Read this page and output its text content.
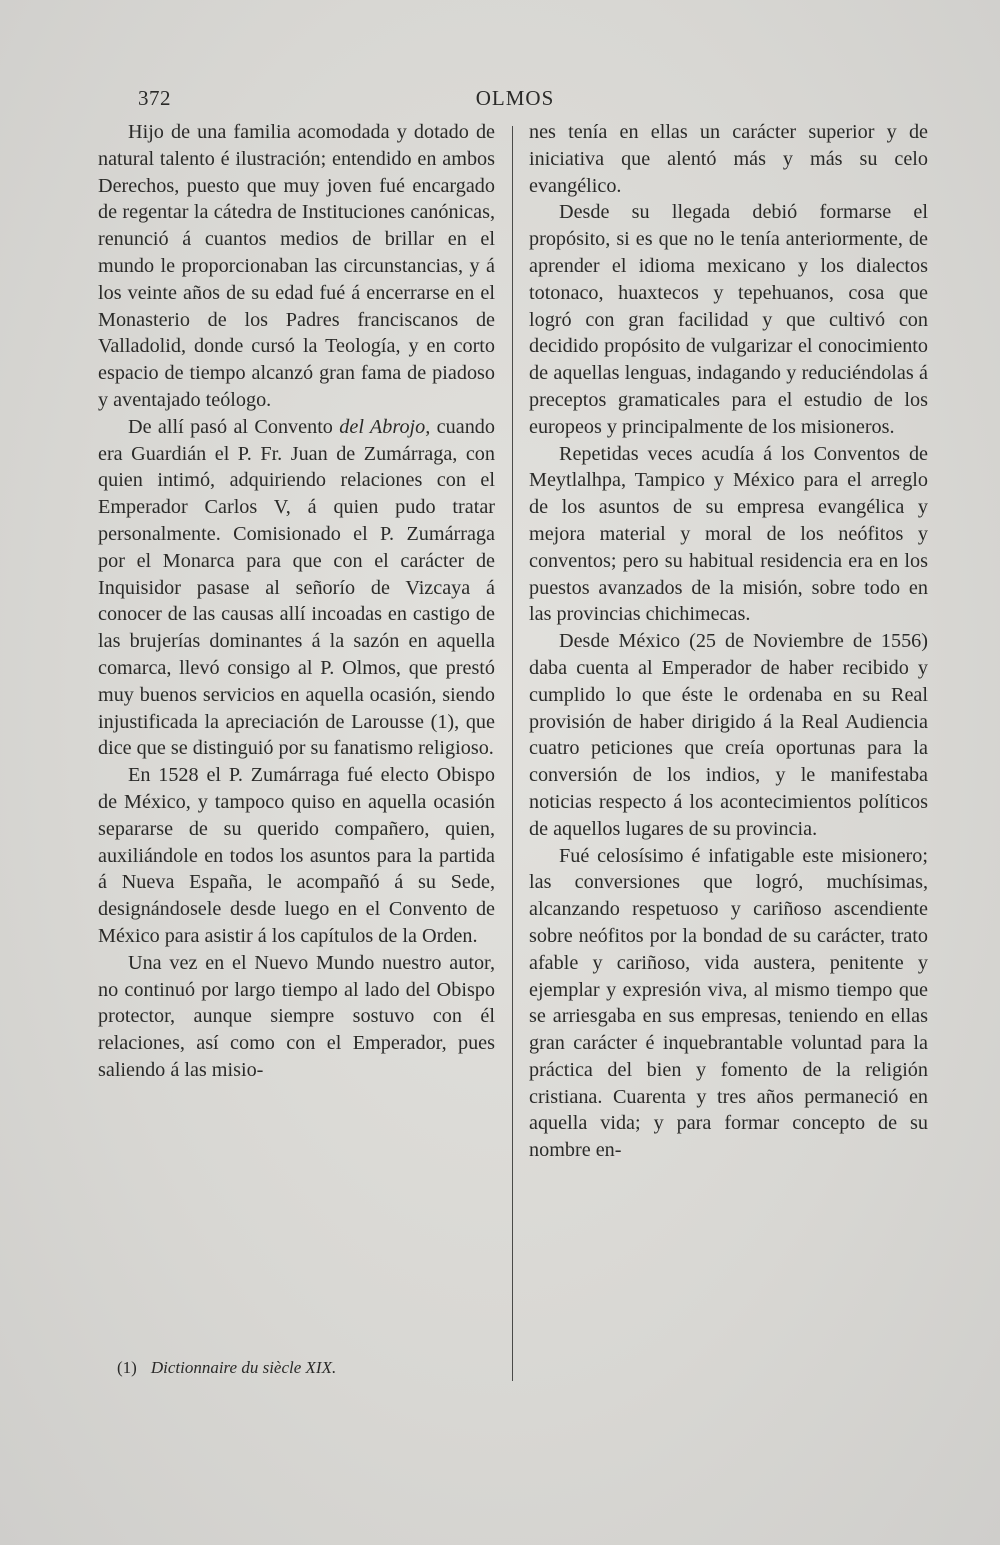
372	OLMOS

Hijo de una familia acomodada y dotado de natural talento é ilustración; entendido en ambos Derechos, puesto que muy joven fué encargado de regentar la cátedra de Instituciones canónicas, renunció á cuantos medios de brillar en el mundo le proporcionaban las circunstancias, y á los veinte años de su edad fué á encerrarse en el Monasterio de los Padres franciscanos de Valladolid, donde cursó la Teología, y en corto espacio de tiempo alcanzó gran fama de piadoso y aventajado teólogo.

De allí pasó al Convento del Abrojo, cuando era Guardián el P. Fr. Juan de Zumárraga, con quien intimó, adquiriendo relaciones con el Emperador Carlos V, á quien pudo tratar personalmente. Comisionado el P. Zumárraga por el Monarca para que con el carácter de Inquisidor pasase al señorío de Vizcaya á conocer de las causas allí incoadas en castigo de las brujerías dominantes á la sazón en aquella comarca, llevó consigo al P. Olmos, que prestó muy buenos servicios en aquella ocasión, siendo injustificada la apreciación de Larousse (1), que dice que se distinguió por su fanatismo religioso.

En 1528 el P. Zumárraga fué electo Obispo de México, y tampoco quiso en aquella ocasión separarse de su querido compañero, quien, auxiliándole en todos los asuntos para la partida á Nueva España, le acompañó á su Sede, designándosele desde luego en el Convento de México para asistir á los capítulos de la Orden.

Una vez en el Nuevo Mundo nuestro autor, no continuó por largo tiempo al lado del Obispo protector, aunque siempre sostuvo con él relaciones, así como con el Emperador, pues saliendo á las misio-

nes tenía en ellas un carácter superior y de iniciativa que alentó más y más su celo evangélico.

Desde su llegada debió formarse el propósito, si es que no le tenía anteriormente, de aprender el idioma mexicano y los dialectos totonaco, huaxtecos y tepehuanos, cosa que logró con gran facilidad y que cultivó con decidido propósito de vulgarizar el conocimiento de aquellas lenguas, indagando y reduciéndolas á preceptos gramaticales para el estudio de los europeos y principalmente de los misioneros.

Repetidas veces acudía á los Conventos de Meytlalhpa, Tampico y México para el arreglo de los asuntos de su empresa evangélica y mejora material y moral de los neófitos y conventos; pero su habitual residencia era en los puestos avanzados de la misión, sobre todo en las provincias chichimecas.

Desde México (25 de Noviembre de 1556) daba cuenta al Emperador de haber recibido y cumplido lo que éste le ordenaba en su Real provisión de haber dirigido á la Real Audiencia cuatro peticiones que creía oportunas para la conversión de los indios, y le manifestaba noticias respecto á los acontecimientos políticos de aquellos lugares de su provincia.

Fué celosísimo é infatigable este misionero; las conversiones que logró, muchísimas, alcanzando respetuoso y cariñoso ascendiente sobre neófitos por la bondad de su carácter, trato afable y cariñoso, vida austera, penitente y ejemplar y expresión viva, al mismo tiempo que se arriesgaba en sus empresas, teniendo en ellas gran carácter é inquebrantable voluntad para la práctica del bien y fomento de la religión cristiana. Cuarenta y tres años permaneció en aquella vida; y para formar concepto de su nombre en-

(1) Dictionnaire du siècle XIX.
